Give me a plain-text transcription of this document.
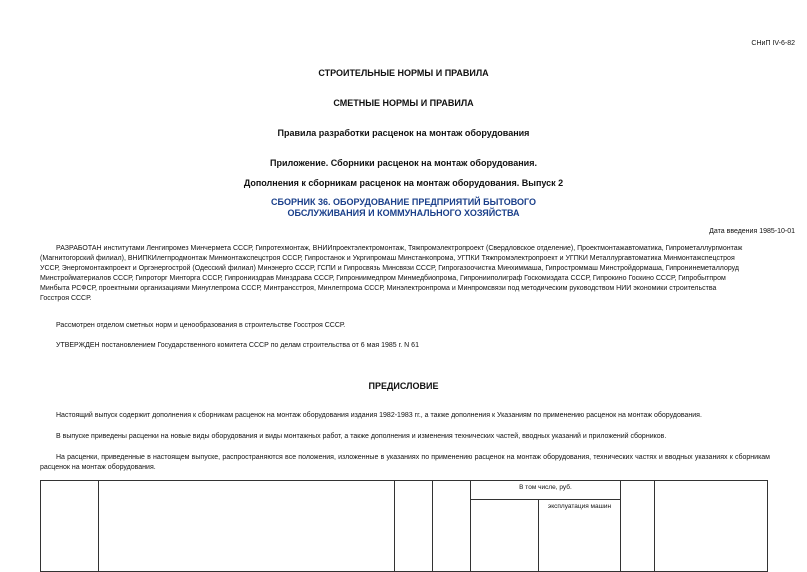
СНиП IV-6-82
СТРОИТЕЛЬНЫЕ НОРМЫ И ПРАВИЛА
СМЕТНЫЕ НОРМЫ И ПРАВИЛА
Правила разработки расценок на монтаж оборудования
Приложение. Сборники расценок на монтаж оборудования.
Дополнения к сборникам расценок на монтаж оборудования. Выпуск 2
СБОРНИК 36. ОБОРУДОВАНИЕ ПРЕДПРИЯТИЙ БЫТОВОГО
ОБСЛУЖИВАНИЯ И КОММУНАЛЬНОГО ХОЗЯЙСТВА
Дата введения 1985-10-01
РАЗРАБОТАН институтами Ленгипромез Минчермета СССР, Гипротехмонтаж, ВНИИпроектэлектромонтаж, Тяжпромэлектропроект (Свердловское отделение), Проектмонтажавтоматика, Гипрометаллургмонтаж
(Магнитогорский филиал), ВНИПКИлегпродмонтаж Минмонтажспецстроя СССР, Гипростанок и Укргипромаш Минстанкопрома, УГПКИ Тяжпромэлектропроект и УГПКИ Металлургавтоматика Минмонтажспецстроя
УССР, Энергомонтажпроект и Оргэнергострой (Одесский филиал) Минэнерго СССР, ГСПИ и Гипросвязь Минсвязи СССР, Гипрогазоочистка Минхиммаша, Гипростроммаш Минстройдормаша, Гипронинеметаллоруд
Минстройматериалов СССР, Гипроторг Минторга СССР, Гипронииздрав Минздрава СССР, Гипрониимедпром Минмедбиопрома, Гипронииполиграф Госкомиздата СССР, Гипрокино Госкино СССР, Гипробытпром
Минбыта РСФСР, проектными организациями Минуглепрома СССР, Минтрансстроя, Минлегпрома СССР, Минэлектронпрома и Минпромсвязи под методическим руководством НИИ экономики строительства
Госстроя СССР.
Рассмотрен отделом сметных норм и ценообразования в строительстве Госстроя СССР.
УТВЕРЖДЕН постановлением Государственного комитета СССР по делам строительства от 6 мая 1985 г. N 61
ПРЕДИСЛОВИЕ
Настоящий выпуск содержит дополнения к сборникам расценок на монтаж оборудования издания 1982-1983 гг., а также дополнения к Указаниям по применению расценок на монтаж оборудования.
В выпуске приведены расценки на новые виды оборудования и виды монтажных работ, а также дополнения и изменения технических частей, вводных указаний и приложений сборников.
На расценки, приведенные в настоящем выпуске, распространяются все положения, изложенные в указаниях по применению расценок на монтаж оборудования, технических частях и вводных указаниях к сборникам расценок на монтаж оборудования.

				В том числе, руб.			

					эксплуатация машин		
